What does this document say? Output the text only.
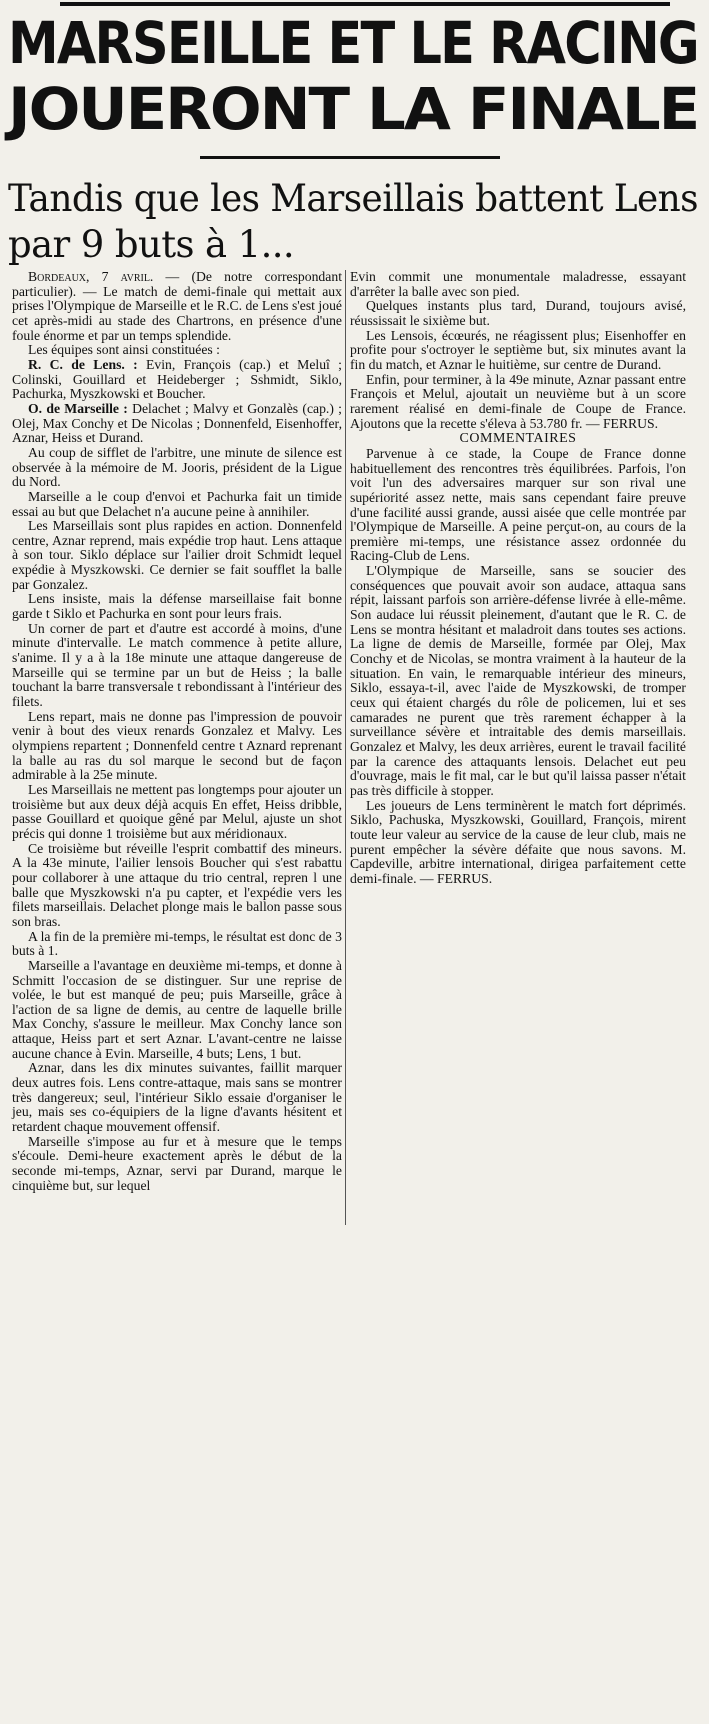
MARSEILLE ET LE RACING
JOUERONT LA FINALE
Tandis que les Marseillais battent Lens
par 9 buts à 1...

Bordeaux, 7 avril. — (De notre correspondant particulier). — Le match de demi-finale qui mettait aux prises l'Olympique de Marseille et le R.C. de Lens s'est joué cet après-midi au stade des Chartrons, en présence d'une foule énorme et par un temps splendide.

Les équipes sont ainsi constituées :

R. C. de Lens. : Evin, François (cap.) et Meluî ; Colinski, Gouillard et Heideberger ; Sshmidt, Siklo, Pachurka, Myszkowski et Boucher.

O. de Marseille : Delachet ; Malvy et Gonzalès (cap.) ; Olej, Max Conchy et De Nicolas ; Donnenfeld, Eisenhoffer, Aznar, Heiss et Durand.

Au coup de sifflet de l'arbitre, une minute de silence est observée à la mémoire de M. Jooris, président de la Ligue du Nord.

Marseille a le coup d'envoi et Pachurka fait un timide essai au but que Delachet n'a aucune peine à annihiler.

Les Marseillais sont plus rapides en action. Donnenfeld centre, Aznar reprend, mais expédie trop haut. Lens attaque à son tour. Siklo déplace sur l'ailier droit Schmidt lequel expédie à Myszkowski. Ce dernier se fait soufflet la balle par Gonzalez.

Lens insiste, mais la défense marseillaise fait bonne garde t Siklo et Pachurka en sont pour leurs frais.

Un corner de part et d'autre est accordé à moins, d'une minute d'intervalle. Le match commence à petite allure, s'anime. Il y a à la 18e minute une attaque dangereuse de Marseille qui se termine par un but de Heiss ; la balle touchant la barre transversale t rebondissant à l'intérieur des filets.

Lens repart, mais ne donne pas l'impression de pouvoir venir à bout des vieux renards Gonzalez et Malvy. Les olympiens repartent ; Donnenfeld centre t Aznard reprenant la balle au ras du sol marque le second but de façon admirable à la 25e minute.

Les Marseillais ne mettent pas longtemps pour ajouter un troisième but aux deux déjà acquis En effet, Heiss dribble, passe Gouillard et quoique gêné par Melul, ajuste un shot précis qui donne 1 troisième but aux méridionaux.

Ce troisième but réveille l'esprit combattif des mineurs. A la 43e minute, l'ailier lensois Boucher qui s'est rabattu pour collaborer à une attaque du trio central, repren l une balle que Myszkowski n'a pu capter, et l'expédie vers les filets marseillais. Delachet plonge mais le ballon passe sous son bras.

A la fin de la première mi-temps, le résultat est donc de 3 buts à 1.

Marseille a l'avantage en deuxième mi-temps, et donne à Schmitt l'occasion de se distinguer. Sur une reprise de volée, le but est manqué de peu; puis Marseille, grâce à l'action de sa ligne de demis, au centre de laquelle brille Max Conchy, s'assure le meilleur. Max Conchy lance son attaque, Heiss part et sert Aznar. L'avant-centre ne laisse aucune chance à Evin. Marseille, 4 buts; Lens, 1 but.

Aznar, dans les dix minutes suivantes, faillit marquer deux autres fois. Lens contre-attaque, mais sans se montrer très dangereux; seul, l'intérieur Siklo essaie d'organiser le jeu, mais ses co-équipiers de la ligne d'avants hésitent et retardent chaque mouvement offensif.

Marseille s'impose au fur et à mesure que le temps s'écoule. Demi-heure exactement après le début de la seconde mi-temps, Aznar, servi par Durand, marque le cinquième but, sur lequel

Evin commit une monumentale maladresse, essayant d'arrêter la balle avec son pied.

Quelques instants plus tard, Durand, toujours avisé, réussissait le sixième but.

Les Lensois, écœurés, ne réagissent plus; Eisenhoffer en profite pour s'octroyer le septième but, six minutes avant la fin du match, et Aznar le huitième, sur centre de Durand.

Enfin, pour terminer, à la 49e minute, Aznar passant entre François et Melul, ajoutait un neuvième but à un score rarement réalisé en demi-finale de Coupe de France. Ajoutons que la recette s'éleva à 53.780 fr. — FERRUS.

COMMENTAIRES

Parvenue à ce stade, la Coupe de France donne habituellement des rencontres très équilibrées. Parfois, l'on voit l'un des adversaires marquer sur son rival une supériorité assez nette, mais sans cependant faire preuve d'une facilité aussi grande, aussi aisée que celle montrée par l'Olympique de Marseille. A peine perçut-on, au cours de la première mi-temps, une résistance assez ordonnée du Racing-Club de Lens.

L'Olympique de Marseille, sans se soucier des conséquences que pouvait avoir son audace, attaqua sans répit, laissant parfois son arrière-défense livrée à elle-même. Son audace lui réussit pleinement, d'autant que le R. C. de Lens se montra hésitant et maladroit dans toutes ses actions. La ligne de demis de Marseille, formée par Olej, Max Conchy et de Nicolas, se montra vraiment à la hauteur de la situation. En vain, le remarquable intérieur des mineurs, Siklo, essaya-t-il, avec l'aide de Myszkowski, de tromper ceux qui étaient chargés du rôle de policemen, lui et ses camarades ne purent que très rarement échapper à la surveillance sévère et intraitable des demis marseillais. Gonzalez et Malvy, les deux arrières, eurent le travail facilité par la carence des attaquants lensois. Delachet eut peu d'ouvrage, mais le fit mal, car le but qu'il laissa passer n'était pas très difficile à stopper.

Les joueurs de Lens terminèrent le match fort déprimés. Siklo, Pachuska, Myszkowski, Gouillard, François, mirent toute leur valeur au service de la cause de leur club, mais ne purent empêcher la sévère défaite que nous savons. M. Capdeville, arbitre international, dirigea parfaitement cette demi-finale. — FERRUS.
